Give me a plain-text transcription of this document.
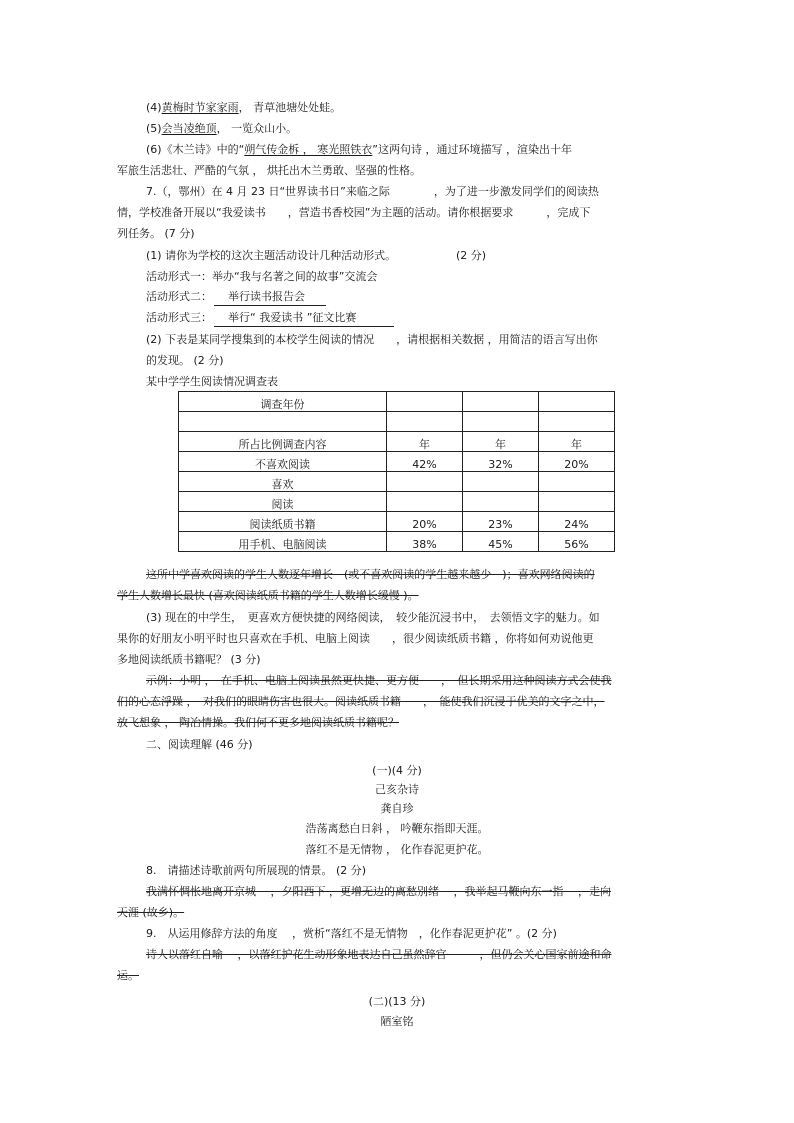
(4)黄梅时节家家雨， 青草池塘处处蛙。
(5)会当凌绝顶， 一览众山小。
(6)《木兰诗》中的“朔气传金柝 ， 寒光照铁衣”这两句诗 ，通过环境描写 ，渲染出十年
军旅生活悲壮、严酷的气氛 ， 烘托出木兰勇敢、坚强的性格。
7.（，鄂州）在 4 月 23 日“世界读书日”来临之际　　　　，为了进一步激发同学们的阅读热
情，学校准备开展以“我爱读书　　，营造书香校园”为主题的活动。请你根据要求　　　，完成下
列任务。 (7 分)
(1) 请你为学校的这次主题活动设计几种活动形式。	(2 分)
活动形式一：举办“我与名著之间的故事”交流会
活动形式二： 举行读书报告会
活动形式三： 举行“ 我爱读书 ”征文比赛
(2) 下表是某同学搜集到的本校学生阅读的情况　　，请根据相关数据 ，用简洁的语言写出你
的发现。 (2 分)
某中学学生阅读情况调查表
调查年份			

所占比例调查内容	年	年	年
不喜欢阅读	42%	32%	20%
喜欢			
阅读			
阅读纸质书籍	20%	23%	24%
用手机、电脑阅读	38%	45%	56%
这所中学喜欢阅读的学生人数逐年增长　(或不喜欢阅读的学生越来越少　)；喜欢网络阅读的
学生人数增长最快 (喜欢阅读纸质书籍的学生人数增长缓慢 )。
(3) 现在的中学生，　更喜欢方便快捷的网络阅读，　较少能沉浸书中，　去领悟文字的魅力。如
果你的好朋友小明平时也只喜欢在手机、电脑上阅读　　，很少阅读纸质书籍 ，你将如何劝说他更
多地阅读纸质书籍呢？ (3 分)
示例：小明 ，　在手机、电脑上阅读虽然更快捷、更方便　　，　但长期采用这种阅读方式会使我
们的心态浮躁 ，　对我们的眼睛伤害也很大。阅读纸质书籍　　，　能使我们沉浸于优美的文字之中，
放飞想象 ， 陶冶情操。我们何不更多地阅读纸质书籍呢？
二、阅读理解 (46 分)
(一)(4 分)
己亥杂诗
龚自珍
浩荡离愁白日斜 ， 吟鞭东指即天涯。
落红不是无情物 ， 化作春泥更护花。
8.　请描述诗歌前两句所展现的情景。 (2 分)
我满怀惆怅地离开京城　 ，夕阳西下 ，更增无边的离愁别绪 　，我举起马鞭向东一指 　，走向
天涯 (故乡)。
9.　从运用修辞方法的角度 　，赏析“落红不是无情物　，化作春泥更护花” 。(2 分)
诗人以落红自喻 　，以落红护花生动形象地表达自己虽然辞官　　　，但仍会关心国家前途和命
运。
(二)(13 分)
陋室铭
